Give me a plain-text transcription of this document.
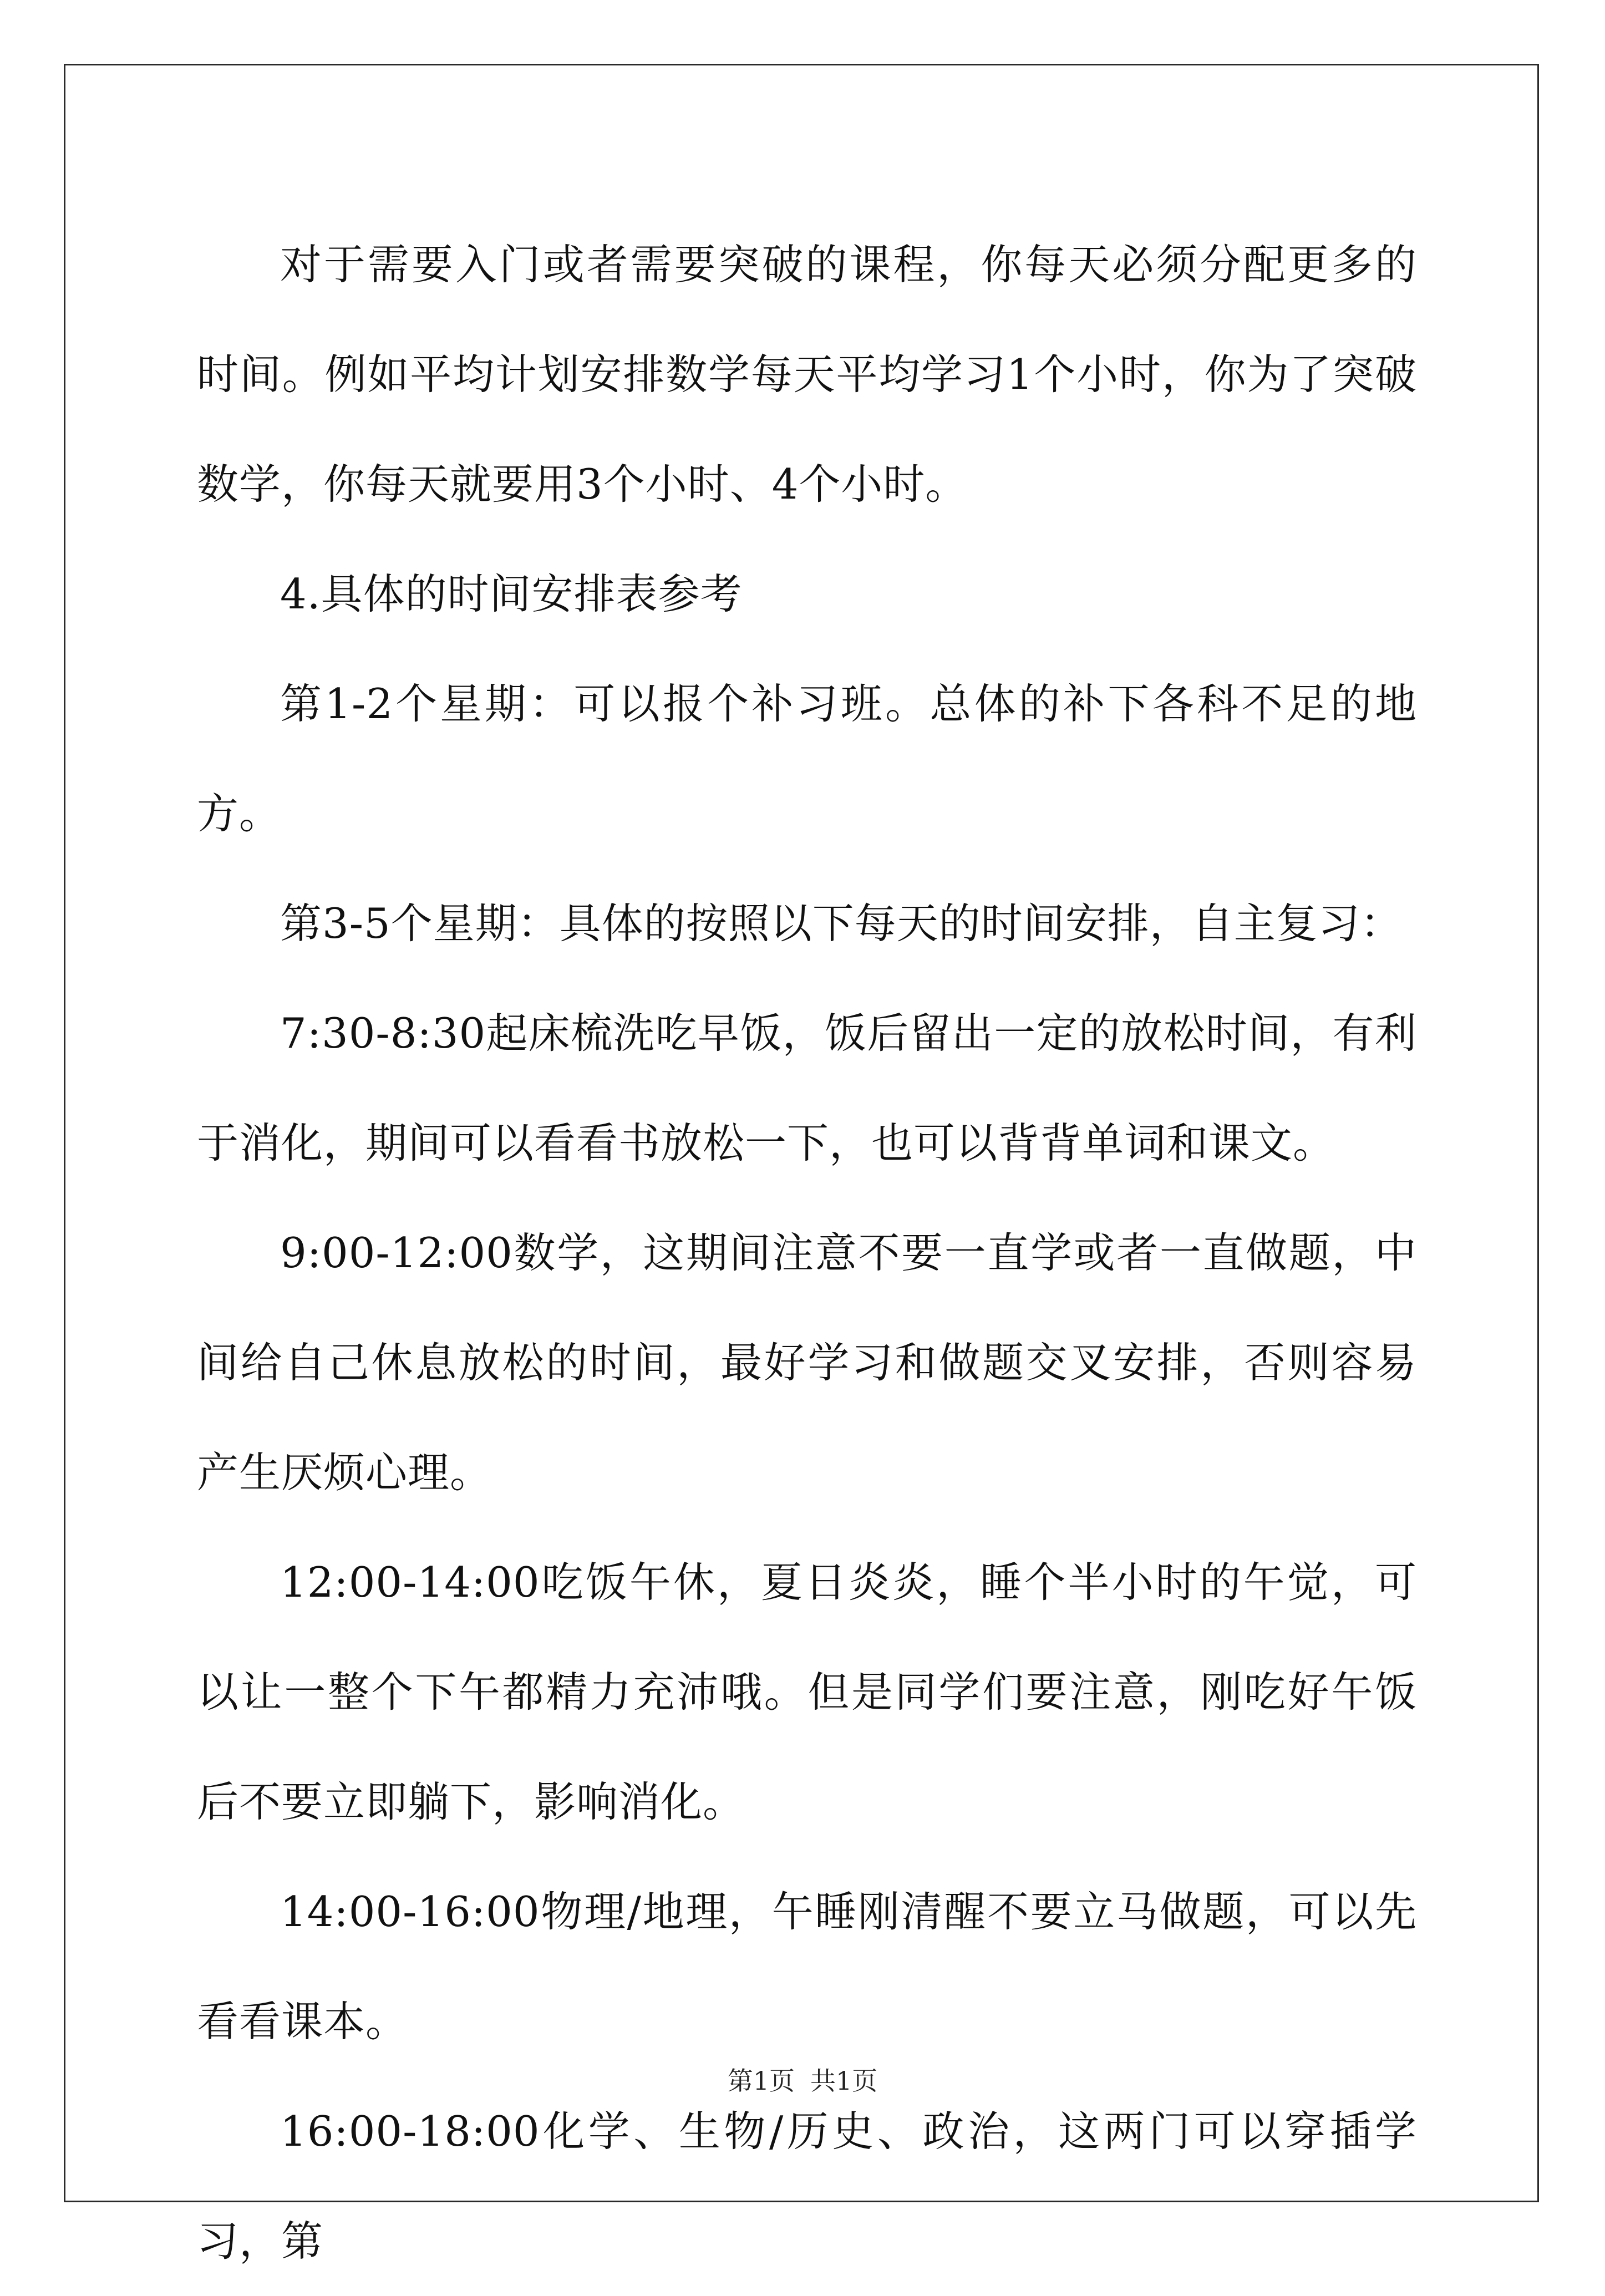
对于需要入门或者需要突破的课程，你每天必须分配更多的时间。例如平均计划安排数学每天平均学习1个小时，你为了突破数学，你每天就要用3个小时、4个小时。

4.具体的时间安排表参考

第1-2个星期：可以报个补习班。总体的补下各科不足的地方。

第3-5个星期：具体的按照以下每天的时间安排，自主复习：

7:30-8:30起床梳洗吃早饭，饭后留出一定的放松时间，有利于消化，期间可以看看书放松一下，也可以背背单词和课文。

9:00-12:00数学，这期间注意不要一直学或者一直做题，中间给自己休息放松的时间，最好学习和做题交叉安排，否则容易产生厌烦心理。

12:00-14:00吃饭午休，夏日炎炎，睡个半小时的午觉，可以让一整个下午都精力充沛哦。但是同学们要注意，刚吃好午饭后不要立即躺下，影响消化。

14:00-16:00物理/地理，午睡刚清醒不要立马做题，可以先看看课本。

16:00-18:00化学、生物/历史、政治，这两门可以穿插学习，第

第1页 共1页
